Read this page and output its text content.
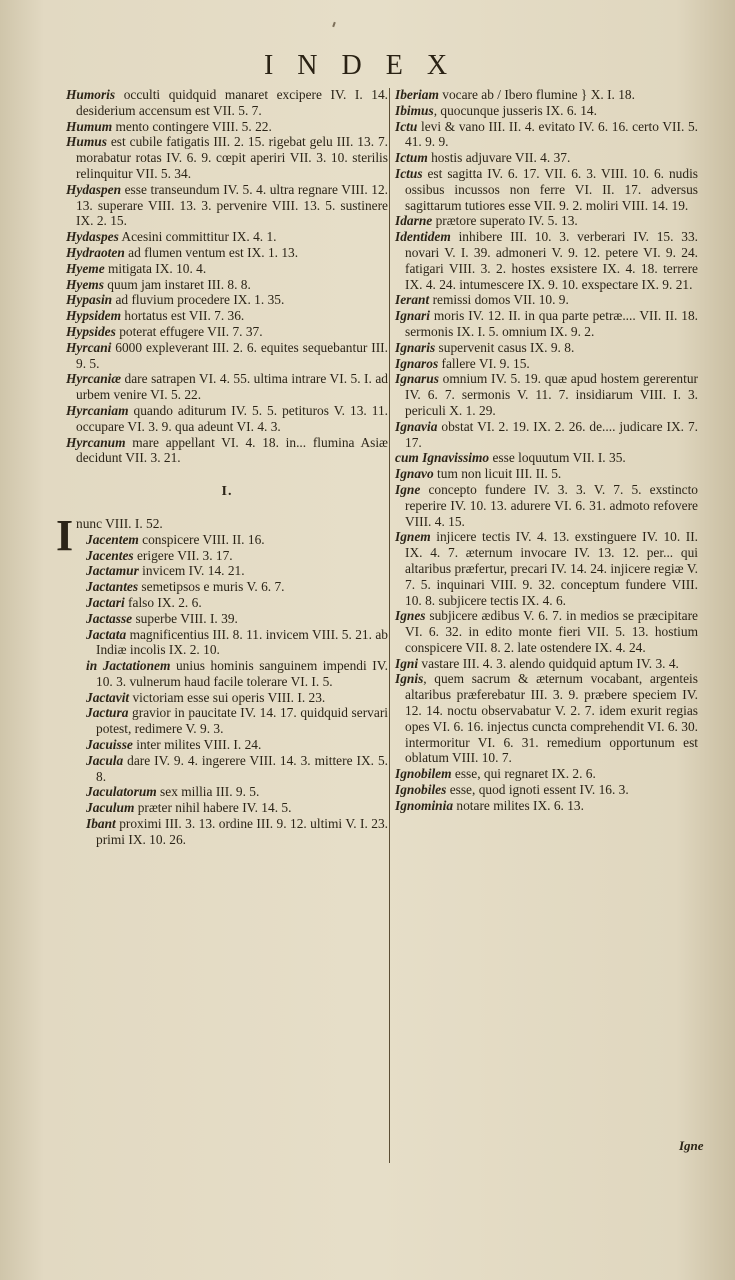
INDEX

Humoris occulti quidquid manaret excipere IV. I. 14. desiderium accensum est VII. 5. 7.

Humum mento contingere VIII. 5. 22.

Humus est cubile fatigatis III. 2. 15. rigebat gelu III. 13. 7. morabatur rotas IV. 6. 9. cœpit aperiri VII. 3. 10. sterilis relinquitur VII. 5. 34.

Hydaspen esse transeundum IV. 5. 4. ultra regnare VIII. 12. 13. superare VIII. 13. 3. pervenire VIII. 13. 5. sustinere IX. 2. 15.

Hydaspes Acesini committitur IX. 4. 1.

Hydraoten ad flumen ventum est IX. 1. 13.

Hyeme mitigata IX. 10. 4.

Hyems quum jam instaret III. 8. 8.

Hypasin ad fluvium procedere IX. 1. 35.

Hypsidem hortatus est VII. 7. 36.

Hypsides poterat effugere VII. 7. 37.

Hyrcani 6000 expleverant III. 2. 6. equites sequebantur III. 9. 5.

Hyrcaniæ dare satrapen VI. 4. 55. ultima intrare VI. 5. I. ad urbem venire VI. 5. 22.

Hyrcaniam quando aditurum IV. 5. 5. petituros V. 13. 11. occupare VI. 3. 9. qua adeunt VI. 4. 3.

Hyrcanum mare appellant VI. 4. 18. in... flumina Asiæ decidunt VII. 3. 21.

I.

I nunc VIII. I. 52.

Jacentem conspicere VIII. II. 16.

Jacentes erigere VII. 3. 17.

Jactamur invicem IV. 14. 21.

Jactantes semetipsos e muris V. 6. 7.

Jactari falso IX. 2. 6.

Jactasse superbe VIII. I. 39.

Jactata magnificentius III. 8. 11. invicem VIII. 5. 21. ab Indiæ incolis IX. 2. 10.

in Jactationem unius hominis sanguinem impendi IV. 10. 3. vulnerum haud facile tolerare VI. I. 5.

Jactavit victoriam esse sui operis VIII. I. 23.

Jactura gravior in paucitate IV. 14. 17. quidquid servari potest, redimere V. 9. 3.

Jacuisse inter milites VIII. I. 24.

Jacula dare IV. 9. 4. ingerere VIII. 14. 3. mittere IX. 5. 8.

Jaculatorum sex millia III. 9. 5.

Jaculum præter nihil habere IV. 14. 5.

Ibant proximi III. 3. 13. ordine III. 9. 12. ultimi V. I. 23. primi IX. 10. 26.

Iberiam vocare ab / Ibero flumine } X. I. 18.

Ibimus, quocunque jusseris IX. 6. 14.

Ictu levi & vano III. II. 4. evitato IV. 6. 16. certo VII. 5. 41. 9. 9.

Ictum hostis adjuvare VII. 4. 37.

Ictus est sagitta IV. 6. 17. VII. 6. 3. VIII. 10. 6. nudis ossibus incussos non ferre VI. II. 17. adversus sagittarum tutiores esse VII. 9. 2. moliri VIII. 14. 19.

Idarne prætore superato IV. 5. 13.

Identidem inhibere III. 10. 3. verberari IV. 15. 33. novari V. I. 39. admoneri V. 9. 12. petere VI. 9. 24. fatigari VIII. 3. 2. hostes exsistere IX. 4. 18. terrere IX. 4. 24. intumescere IX. 9. 10. exspectare IX. 9. 21.

Ierant remissi domos VII. 10. 9.

Ignari moris IV. 12. II. in qua parte petræ.... VII. II. 18. sermonis IX. I. 5. omnium IX. 9. 2.

Ignaris supervenit casus IX. 9. 8.

Ignaros fallere VI. 9. 15.

Ignarus omnium IV. 5. 19. quæ apud hostem gererentur IV. 6. 7. sermonis V. 11. 7. insidiarum VIII. I. 3. periculi X. 1. 29.

Ignavia obstat VI. 2. 19. IX. 2. 26. de.... judicare IX. 7. 17.

cum Ignavissimo esse loquutum VII. I. 35.

Ignavo tum non licuit III. II. 5.

Igne concepto fundere IV. 3. 3. V. 7. 5. exstincto reperire IV. 10. 13. adurere VI. 6. 31. admoto refovere VIII. 4. 15.

Ignem injicere tectis IV. 4. 13. exstinguere IV. 10. II. IX. 4. 7. æternum invocare IV. 13. 12. per... qui altaribus præfertur, precari IV. 14. 24. injicere regiæ V. 7. 5. inquinari VIII. 9. 32. conceptum fundere VIII. 10. 8. subjicere tectis IX. 4. 6.

Ignes subjicere ædibus V. 6. 7. in medios se præcipitare VI. 6. 32. in edito monte fieri VII. 5. 13. hostium conspicere VII. 8. 2. late ostendere IX. 4. 24.

Igni vastare III. 4. 3. alendo quidquid aptum IV. 3. 4.

Ignis, quem sacrum & æternum vocabant, argenteis altaribus præferebatur III. 3. 9. præbere speciem IV. 12. 14. noctu observabatur V. 2. 7. idem exurit regias opes VI. 6. 16. injectus cuncta comprehendit VI. 6. 30. intermoritur VI. 6. 31. remedium opportunum est oblatum VIII. 10. 7.

Ignobilem esse, qui regnaret IX. 2. 6.

Ignobiles esse, quod ignoti essent IV. 16. 3.

Ignominia notare milites IX. 6. 13.

Igne
